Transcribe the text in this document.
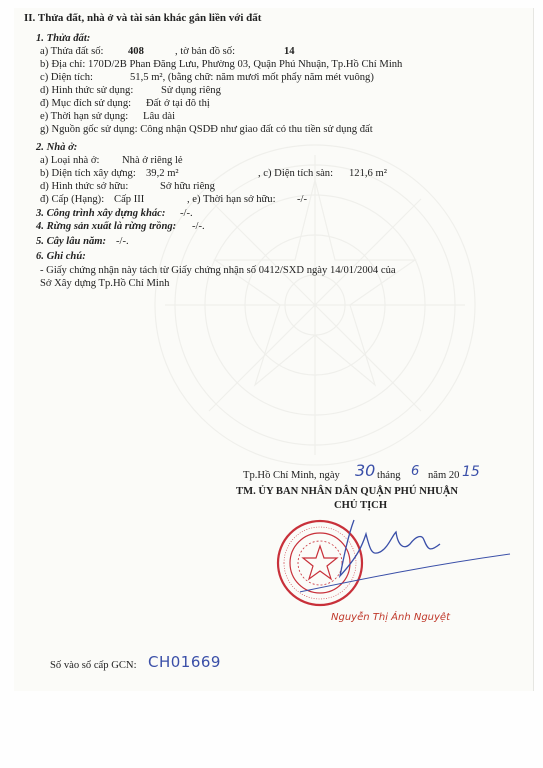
II. Thửa đất, nhà ở và tài sản khác gắn liền với đất
1. Thửa đất:
a) Thửa đất số: 408	, tờ bản đồ số:	14
b) Địa chỉ: 170D/2B Phan Đăng Lưu, Phường 03, Quận Phú Nhuận, Tp.Hồ Chí Minh
c) Diện tích:	51,5 m², (bằng chữ: năm mươi mốt phẩy năm mét vuông)
d) Hình thức sử dụng:	Sử dụng riêng
đ) Mục đích sử dụng: Đất ở tại đô thị
e) Thời hạn sử dụng: Lâu dài
g) Nguồn gốc sử dụng: Công nhận QSDĐ như giao đất có thu tiền sử dụng đất
2. Nhà ở:
a) Loại nhà ở: Nhà ở riêng lẻ
b) Diện tích xây dựng: 39,2 m²	, c) Diện tích sàn: 121,6 m²
d) Hình thức sở hữu:	Sở hữu riêng
đ) Cấp (Hạng): Cấp III	, e) Thời hạn sở hữu: -/-
3. Công trình xây dựng khác: -/-.
4. Rừng sản xuất là rừng trồng: -/-.
5. Cây lâu năm: -/-.
6. Ghi chú:
- Giấy chứng nhận này tách từ Giấy chứng nhận số 0412/SXD ngày 14/01/2004 của
Sở Xây dựng Tp.Hồ Chí Minh
Tp.Hồ Chí Minh, ngày 30 tháng 6 năm 20 15
TM. ỦY BAN NHÂN DÂN QUẬN PHÚ NHUẬN
CHỦ TỊCH
Nguyễn Thị Ánh Nguyệt
Số vào sổ cấp GCN: CH01669
